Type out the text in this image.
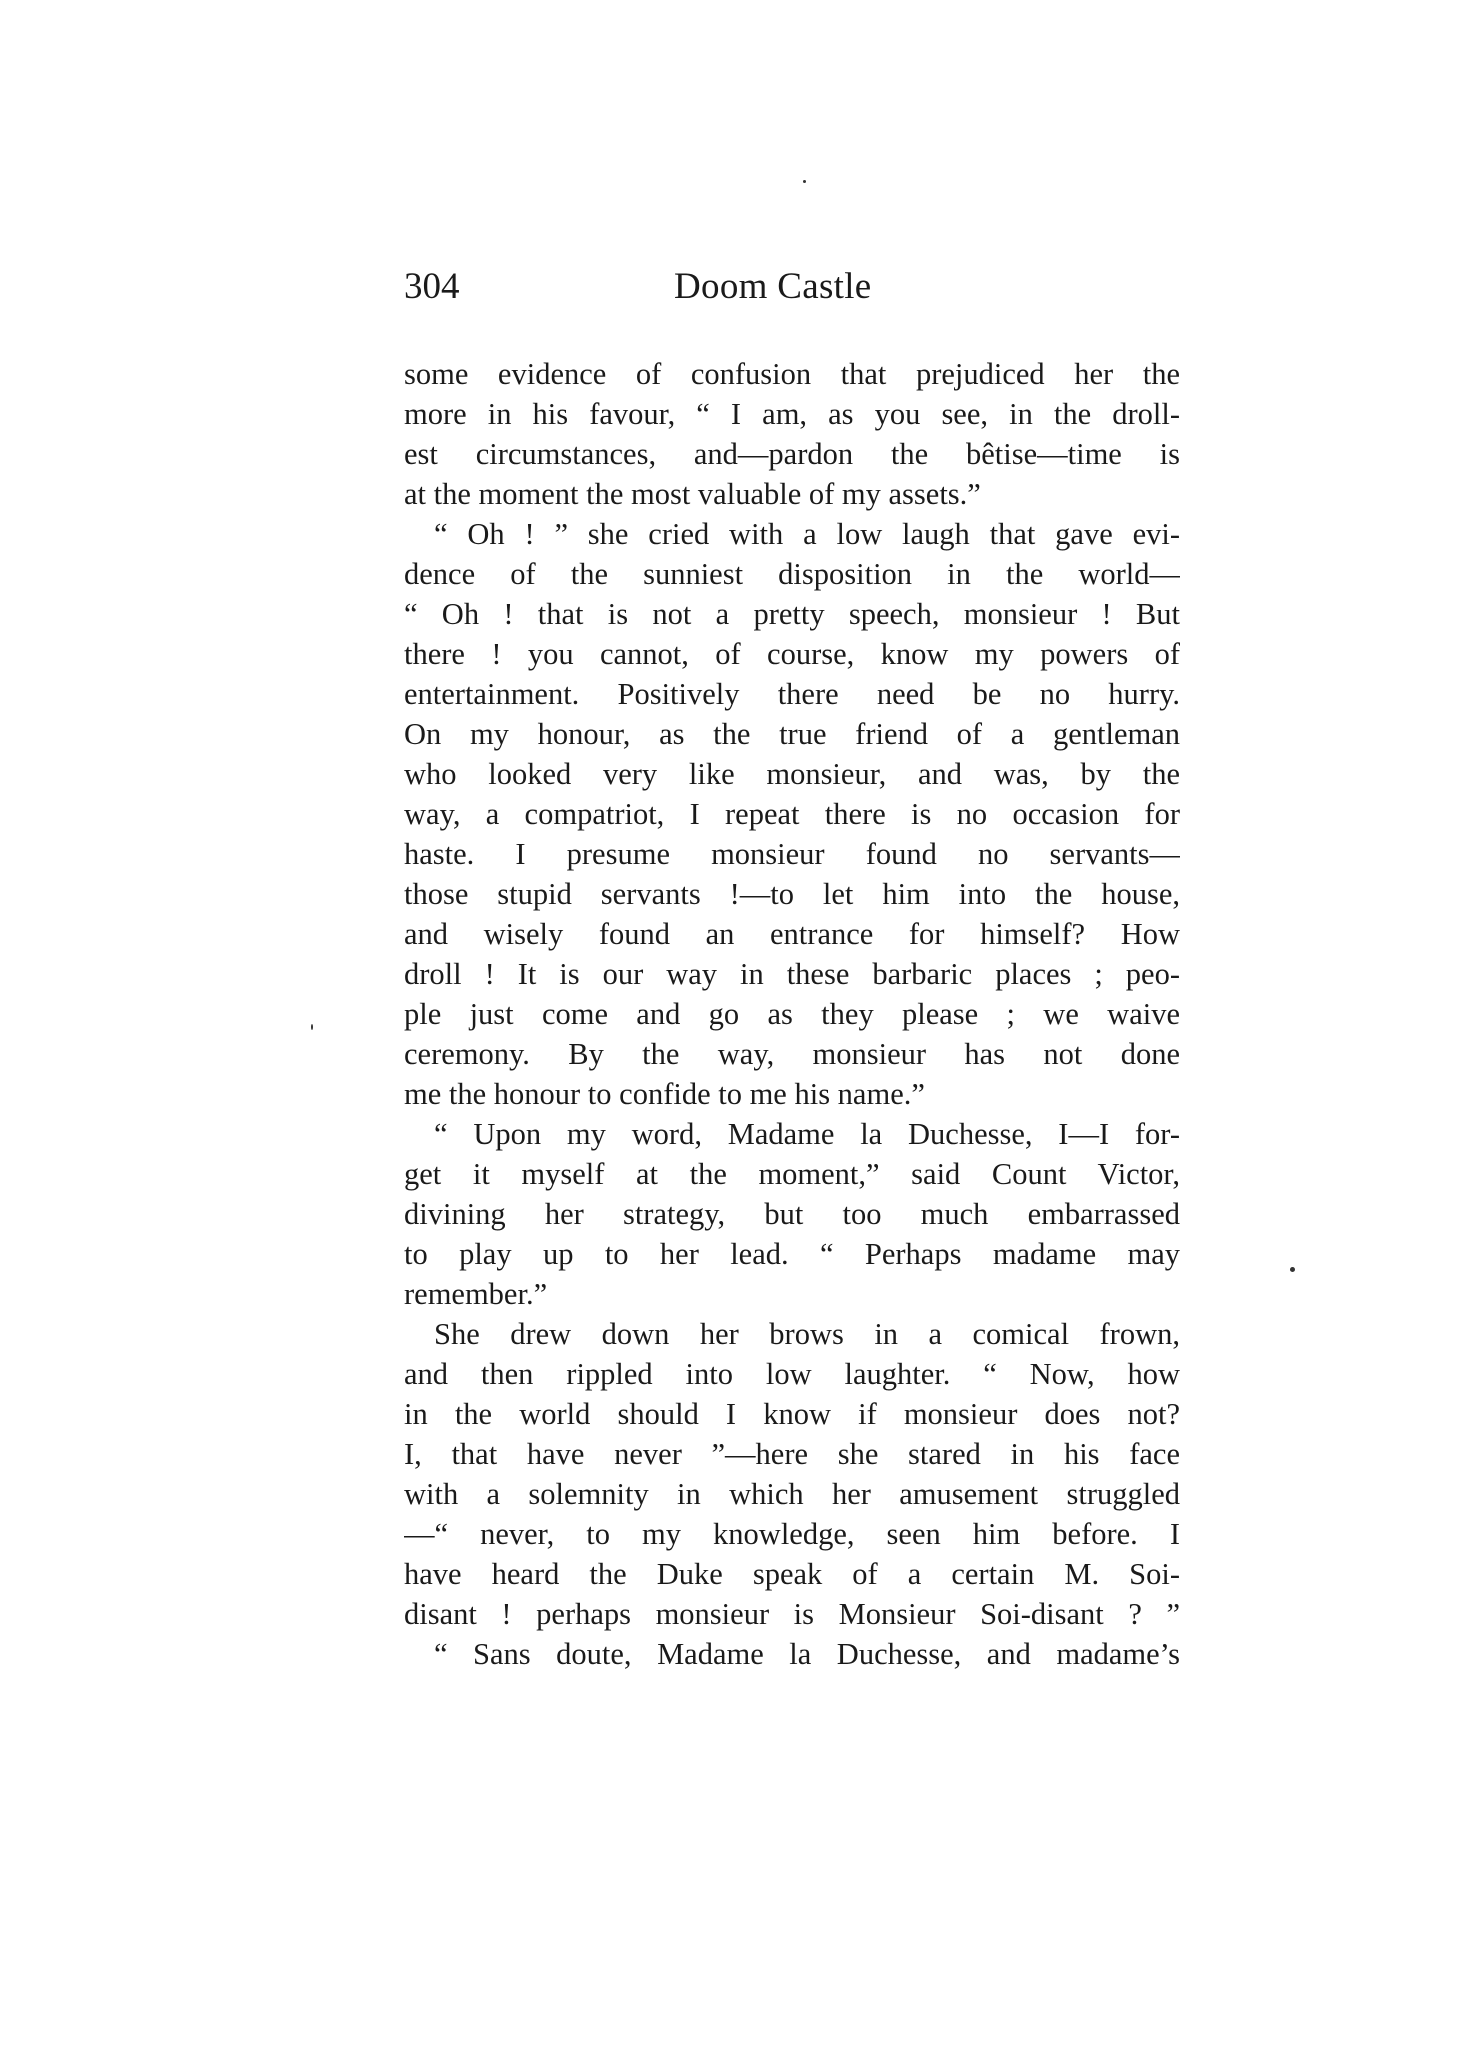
304	Doom Castle
some evidence of confusion that prejudiced her the
more in his favour, “ I am, as you see, in the droll-
est circumstances, and—pardon the bêtise—time is
at the moment the most valuable of my assets.”
“ Oh ! ” she cried with a low laugh that gave evi-
dence of the sunniest disposition in the world—
“ Oh ! that is not a pretty speech, monsieur ! But
there ! you cannot, of course, know my powers of
entertainment. Positively there need be no hurry.
On my honour, as the true friend of a gentleman
who looked very like monsieur, and was, by the
way, a compatriot, I repeat there is no occasion for
haste. I presume monsieur found no servants—
those stupid servants !—to let him into the house,
and wisely found an entrance for himself? How
droll ! It is our way in these barbaric places ; peo-
ple just come and go as they please ; we waive
ceremony. By the way, monsieur has not done
me the honour to confide to me his name.”
“ Upon my word, Madame la Duchesse, I—I for-
get it myself at the moment,” said Count Victor,
divining her strategy, but too much embarrassed
to play up to her lead. “ Perhaps madame may
remember.”
She drew down her brows in a comical frown,
and then rippled into low laughter. “ Now, how
in the world should I know if monsieur does not?
I, that have never ”—here she stared in his face
with a solemnity in which her amusement struggled
—“ never, to my knowledge, seen him before. I
have heard the Duke speak of a certain M. Soi-
disant ! perhaps monsieur is Monsieur Soi-disant ? ”
“ Sans doute, Madame la Duchesse, and madame’s
